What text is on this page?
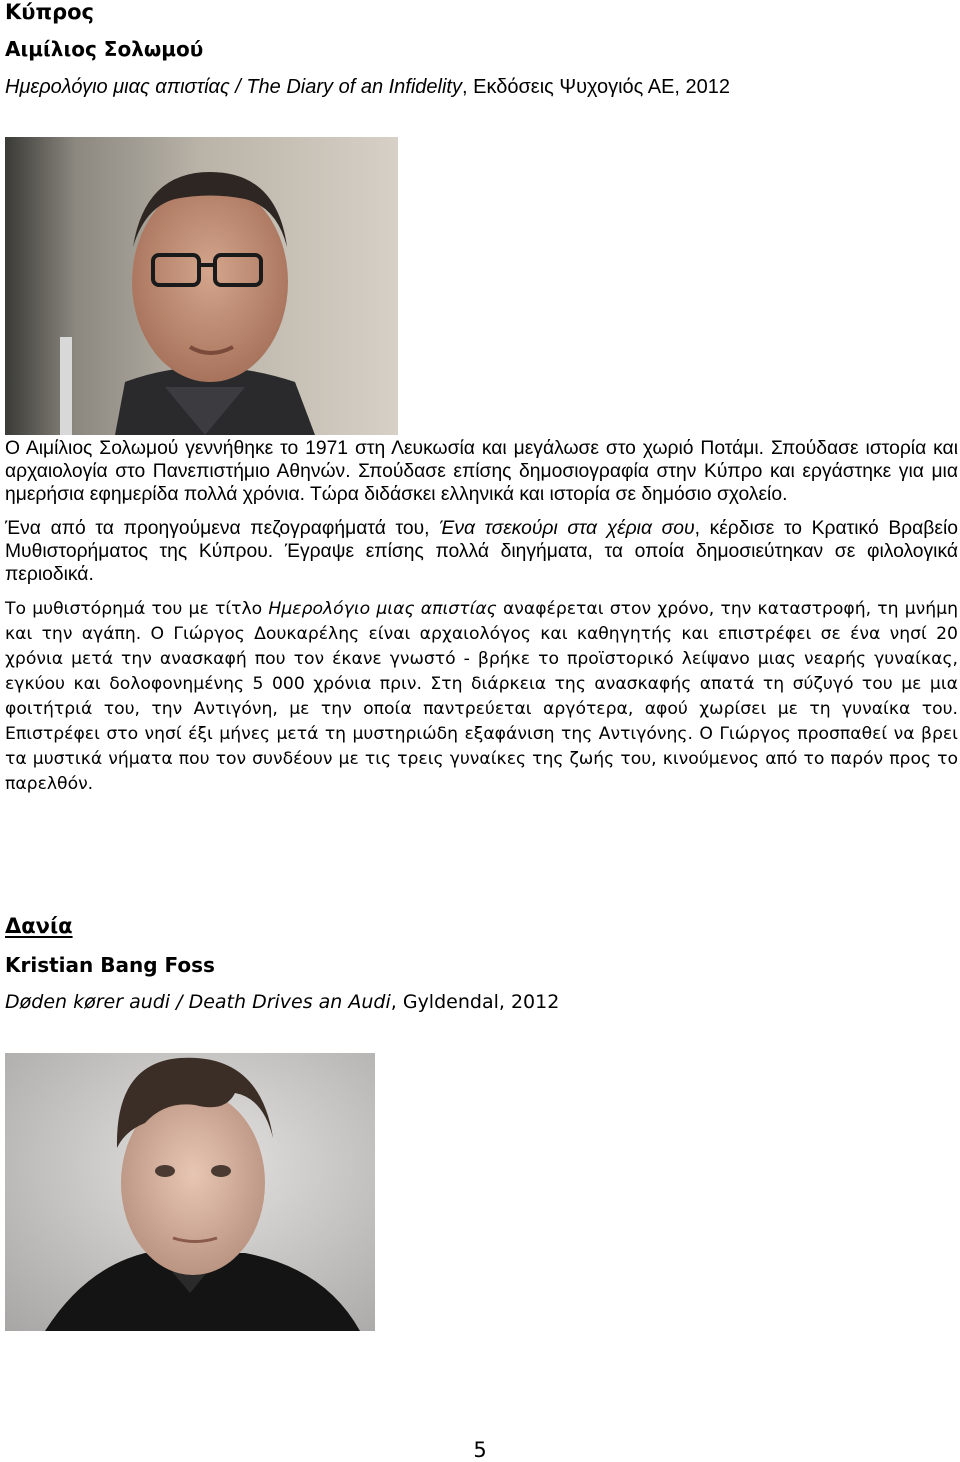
Κύπρος

Αιμίλιος Σολωμού

Ημερολόγιο μιας απιστίας / The Diary of an Infidelity, Εκδόσεις Ψυχογιός ΑΕ, 2012

Ο Αιμίλιος Σολωμού γεννήθηκε το 1971 στη Λευκωσία και μεγάλωσε στο χωριό Ποτάμι. Σπούδασε ιστορία και αρχαιολογία στο Πανεπιστήμιο Αθηνών. Σπούδασε επίσης δημοσιογραφία στην Κύπρο και εργάστηκε για μια ημερήσια εφημερίδα πολλά χρόνια. Τώρα διδάσκει ελληνικά και ιστορία σε δημόσιο σχολείο.

Ένα από τα προηγούμενα πεζογραφήματά του, Ένα τσεκούρι στα χέρια σου, κέρδισε το Κρατικό Βραβείο Μυθιστορήματος της Κύπρου. Έγραψε επίσης πολλά διηγήματα, τα οποία δημοσιεύτηκαν σε φιλολογικά περιοδικά.

Το μυθιστόρημά του με τίτλο Ημερολόγιο μιας απιστίας αναφέρεται στον χρόνο, την καταστροφή, τη μνήμη και την αγάπη. Ο Γιώργος Δουκαρέλης είναι αρχαιολόγος και καθηγητής και επιστρέφει σε ένα νησί 20 χρόνια μετά την ανασκαφή που τον έκανε γνωστό - βρήκε το προϊστορικό λείψανο μιας νεαρής γυναίκας, εγκύου και δολοφονημένης 5 000 χρόνια πριν. Στη διάρκεια της ανασκαφής απατά τη σύζυγό του με μια φοιτήτριά του, την Αντιγόνη, με την οποία παντρεύεται αργότερα, αφού χωρίσει με τη γυναίκα του. Επιστρέφει στο νησί έξι μήνες μετά τη μυστηριώδη εξαφάνιση της Αντιγόνης. Ο Γιώργος προσπαθεί να βρει τα μυστικά νήματα που τον συνδέουν με τις τρεις γυναίκες της ζωής του, κινούμενος από το παρόν προς το παρελθόν.

Δανία

Kristian Bang Foss

Døden kører audi / Death Drives an Audi, Gyldendal, 2012

5
